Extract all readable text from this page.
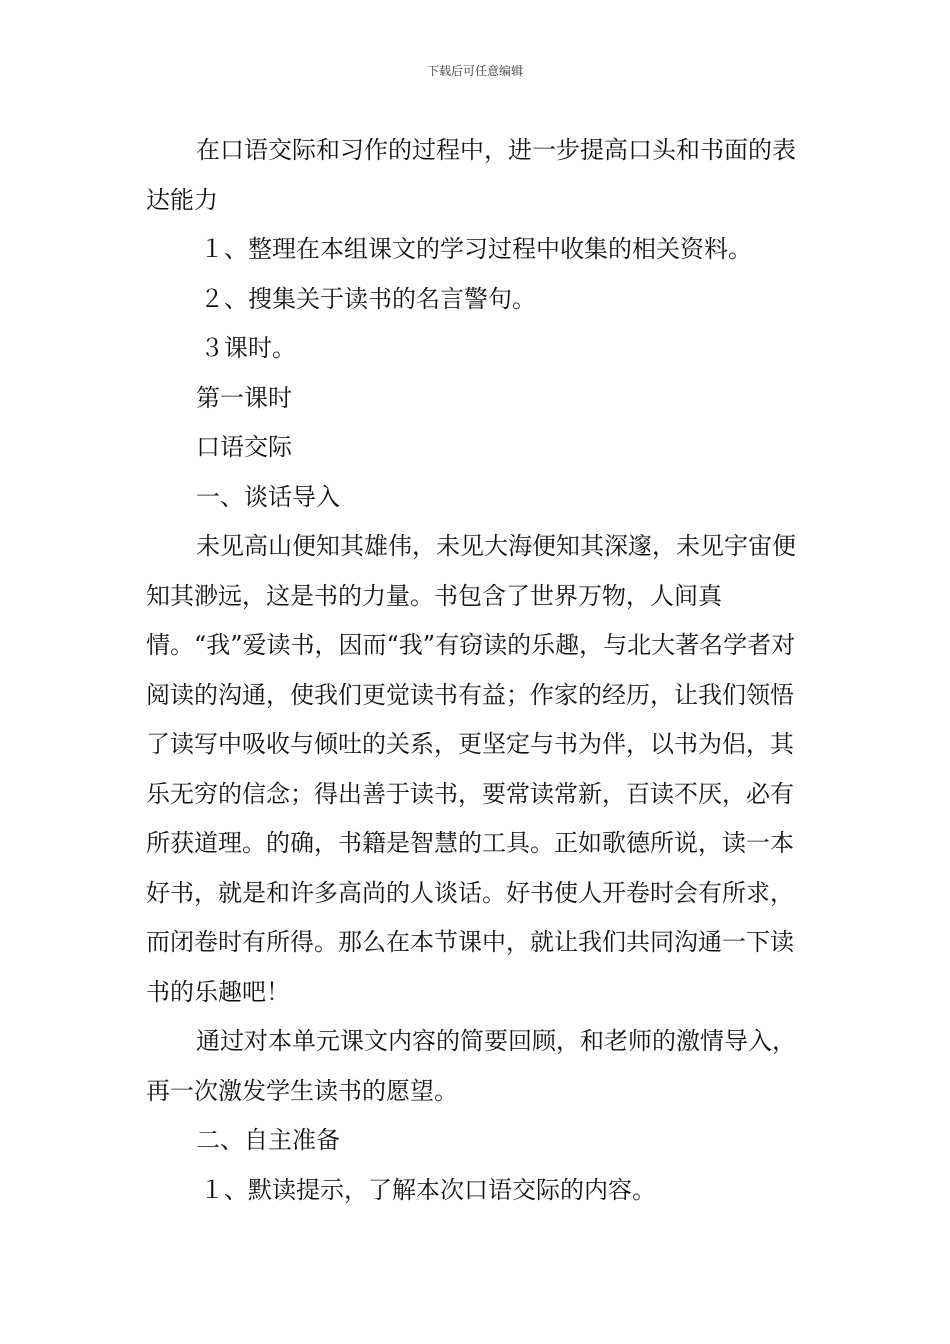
下载后可任意编辑

在口语交际和习作的过程中，进一步提高口头和书面的表达能力

１、整理在本组课文的学习过程中收集的相关资料。

２、搜集关于读书的名言警句。

３课时。

第一课时

口语交际

一、谈话导入

未见高山便知其雄伟，未见大海便知其深邃，未见宇宙便知其渺远，这是书的力量。书包含了世界万物，人间真情。“我”爱读书，因而“我”有窃读的乐趣，与北大著名学者对阅读的沟通，使我们更觉读书有益；作家的经历，让我们领悟了读写中吸收与倾吐的关系，更坚定与书为伴，以书为侣，其乐无穷的信念；得出善于读书，要常读常新，百读不厌，必有所获道理。的确，书籍是智慧的工具。正如歌德所说，读一本好书，就是和许多高尚的人谈话。好书使人开卷时会有所求，而闭卷时有所得。那么在本节课中，就让我们共同沟通一下读书的乐趣吧！

通过对本单元课文内容的简要回顾，和老师的激情导入，再一次激发学生读书的愿望。

二、自主准备

１、默读提示，了解本次口语交际的内容。
